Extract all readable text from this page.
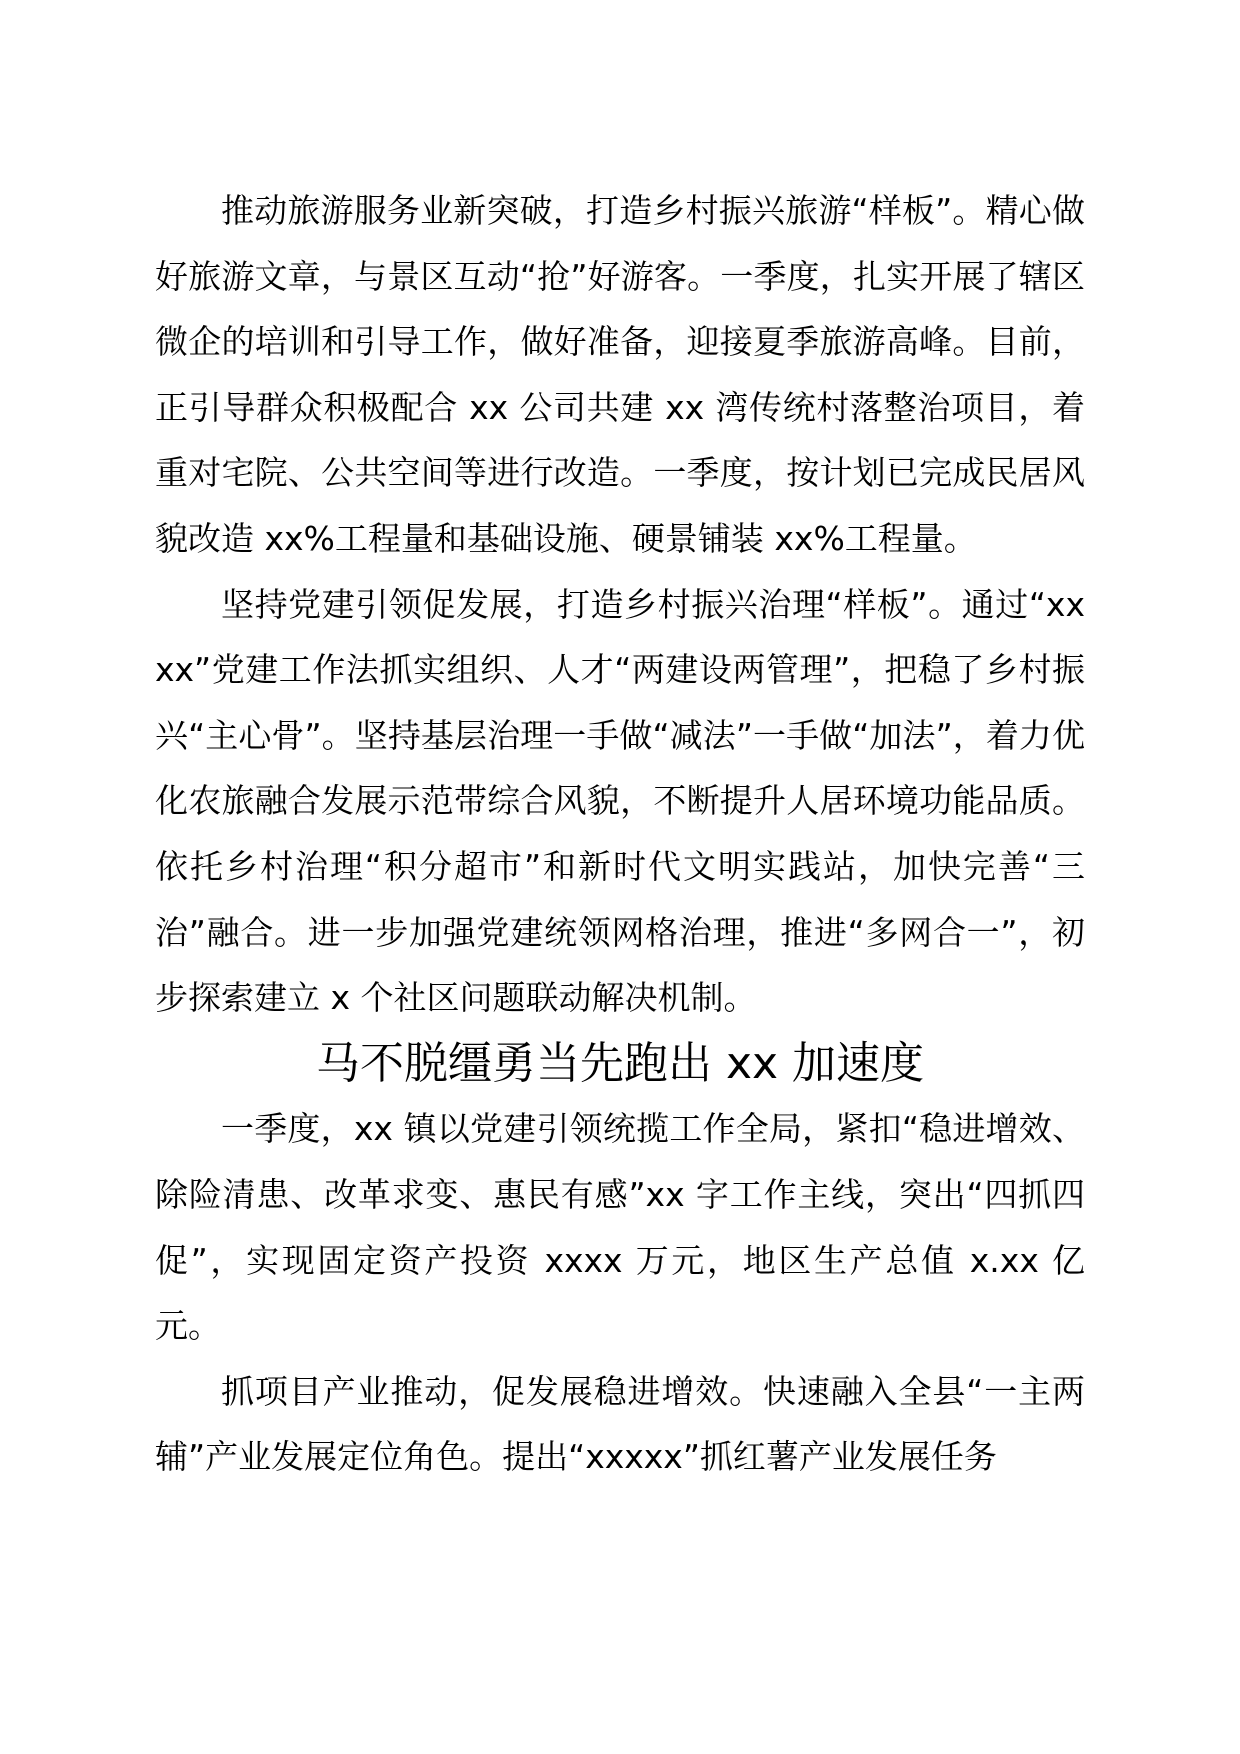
推动旅游服务业新突破，打造乡村振兴旅游“样板”。精心做好旅游文章，与景区互动“抢”好游客。一季度，扎实开展了辖区微企的培训和引导工作，做好准备，迎接夏季旅游高峰。目前，正引导群众积极配合 xx 公司共建 xx 湾传统村落整治项目，着重对宅院、公共空间等进行改造。一季度，按计划已完成民居风貌改造 xx%工程量和基础设施、硬景铺装 xx%工程量。

坚持党建引领促发展，打造乡村振兴治理“样板”。通过“xxxx”党建工作法抓实组织、人才“两建设两管理”，把稳了乡村振兴“主心骨”。坚持基层治理一手做“减法”一手做“加法”，着力优化农旅融合发展示范带综合风貌，不断提升人居环境功能品质。依托乡村治理“积分超市”和新时代文明实践站，加快完善“三治”融合。进一步加强党建统领网格治理，推进“多网合一”，初步探索建立 x 个社区问题联动解决机制。

马不脱缰勇当先跑出 xx 加速度

一季度，xx 镇以党建引领统揽工作全局，紧扣“稳进增效、除险清患、改革求变、惠民有感”xx 字工作主线，突出“四抓四促”，实现固定资产投资 xxxx 万元，地区生产总值 x.xx 亿元。

抓项目产业推动，促发展稳进增效。快速融入全县“一主两辅”产业发展定位角色。提出“xxxxx”抓红薯产业发展任务
